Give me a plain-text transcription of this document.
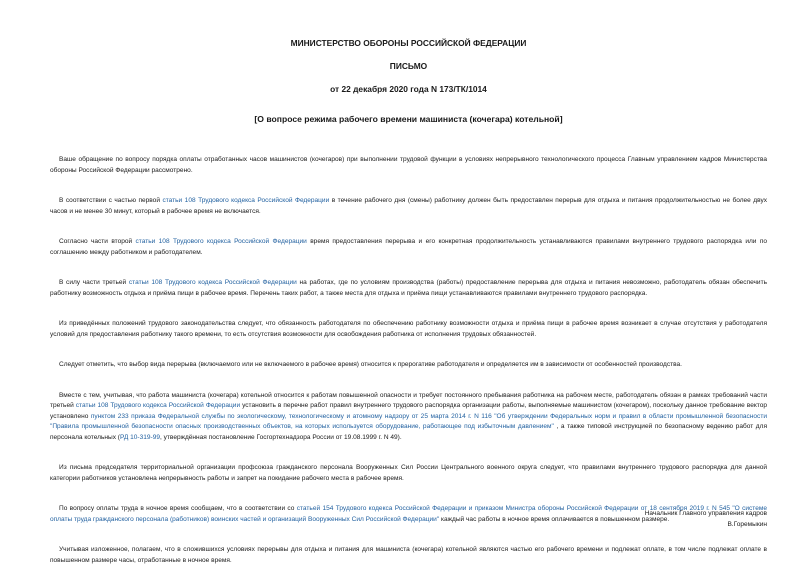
МИНИСТЕРСТВО ОБОРОНЫ РОССИЙСКОЙ ФЕДЕРАЦИИ
ПИСЬМО
от 22 декабря 2020 года N 173/ТК/1014
[О вопросе режима рабочего времени машиниста (кочегара) котельной]

Ваше обращение по вопросу порядка оплаты отработанных часов машинистов (кочегаров) при выполнении трудовой функции в условиях непрерывного технологического процесса Главным управлением кадров Министерства обороны Российской Федерации рассмотрено.

В соответствии с частью первой статьи 108 Трудового кодекса Российской Федерации в течение рабочего дня (смены) работнику должен быть предоставлен перерыв для отдыха и питания продолжительностью не более двух часов и не менее 30 минут, который в рабочее время не включается.

Согласно части второй статьи 108 Трудового кодекса Российской Федерации время предоставления перерыва и его конкретная продолжительность устанавливаются правилами внутреннего трудового распорядка или по соглашению между работником и работодателем.

В силу части третьей статьи 108 Трудового кодекса Российской Федерации на работах, где по условиям производства (работы) предоставление перерыва для отдыха и питания невозможно, работодатель обязан обеспечить работнику возможность отдыха и приёма пищи в рабочее время. Перечень таких работ, а также места для отдыха и приёма пищи устанавливаются правилами внутреннего трудового распорядка.

Из приведённых положений трудового законодательства следует, что обязанность работодателя по обеспечению работнику возможности отдыха и приёма пищи в рабочее время возникает в случае отсутствия у работодателя условий для предоставления работнику такого времени, то есть отсутствия возможности для освобождения работника от исполнения трудовых обязанностей.

Следует отметить, что выбор вида перерыва (включаемого или не включаемого в рабочее время) относится к прерогативе работодателя и определяется им в зависимости от особенностей производства.

Вместе с тем, учитывая, что работа машиниста (кочегара) котельной относится к работам повышенной опасности и требует постоянного пребывания работника на рабочем месте, работодатель обязан в рамках требований части третьей статьи 108 Трудового кодекса Российской Федерации установить в перечне работ правил внутреннего трудового распорядка организации работы, выполняемые машинистом (кочегаром), поскольку данное требование вектор установлено пунктом 233 приказа Федеральной службы по экологическому, технологическому и атомному надзору от 25 марта 2014 г. N 116 "Об утверждении Федеральных норм и правил в области промышленной безопасности "Правила промышленной безопасности опасных производственных объектов, на которых используется оборудование, работающее под избыточным давлением" , а также типовой инструкцией по безопасному ведению работ для персонала котельных (РД 10-319-99, утверждённая постановление Госгортехнадзора России от 19.08.1999 г. N 49).

Из письма председателя территориальной организации профсоюза гражданского персонала Вооруженных Сил России Центрального военного округа следует, что правилами внутреннего трудового распорядка для данной категории работников установлена непрерывность работы и запрет на покидание рабочего места в рабочее время.

По вопросу оплаты труда в ночное время сообщаем, что в соответствии со статьей 154 Трудового кодекса Российской Федерации и приказом Министра обороны Российской Федерации от 18 сентября 2019 г. N 545 "О системе оплаты труда гражданского персонала (работников) воинских частей и организаций Вооруженных Сил Российской Федерации" каждый час работы в ночное время оплачивается в повышенном размере.

Учитывая изложенное, полагаем, что в сложившихся условиях перерывы для отдыха и питания для машиниста (кочегара) котельной являются частью его рабочего времени и подлежат оплате, в том числе подлежат оплате в повышенном размере часы, отработанные в ночное время.

Начальник Главного управления кадров
В.Горемыкин
